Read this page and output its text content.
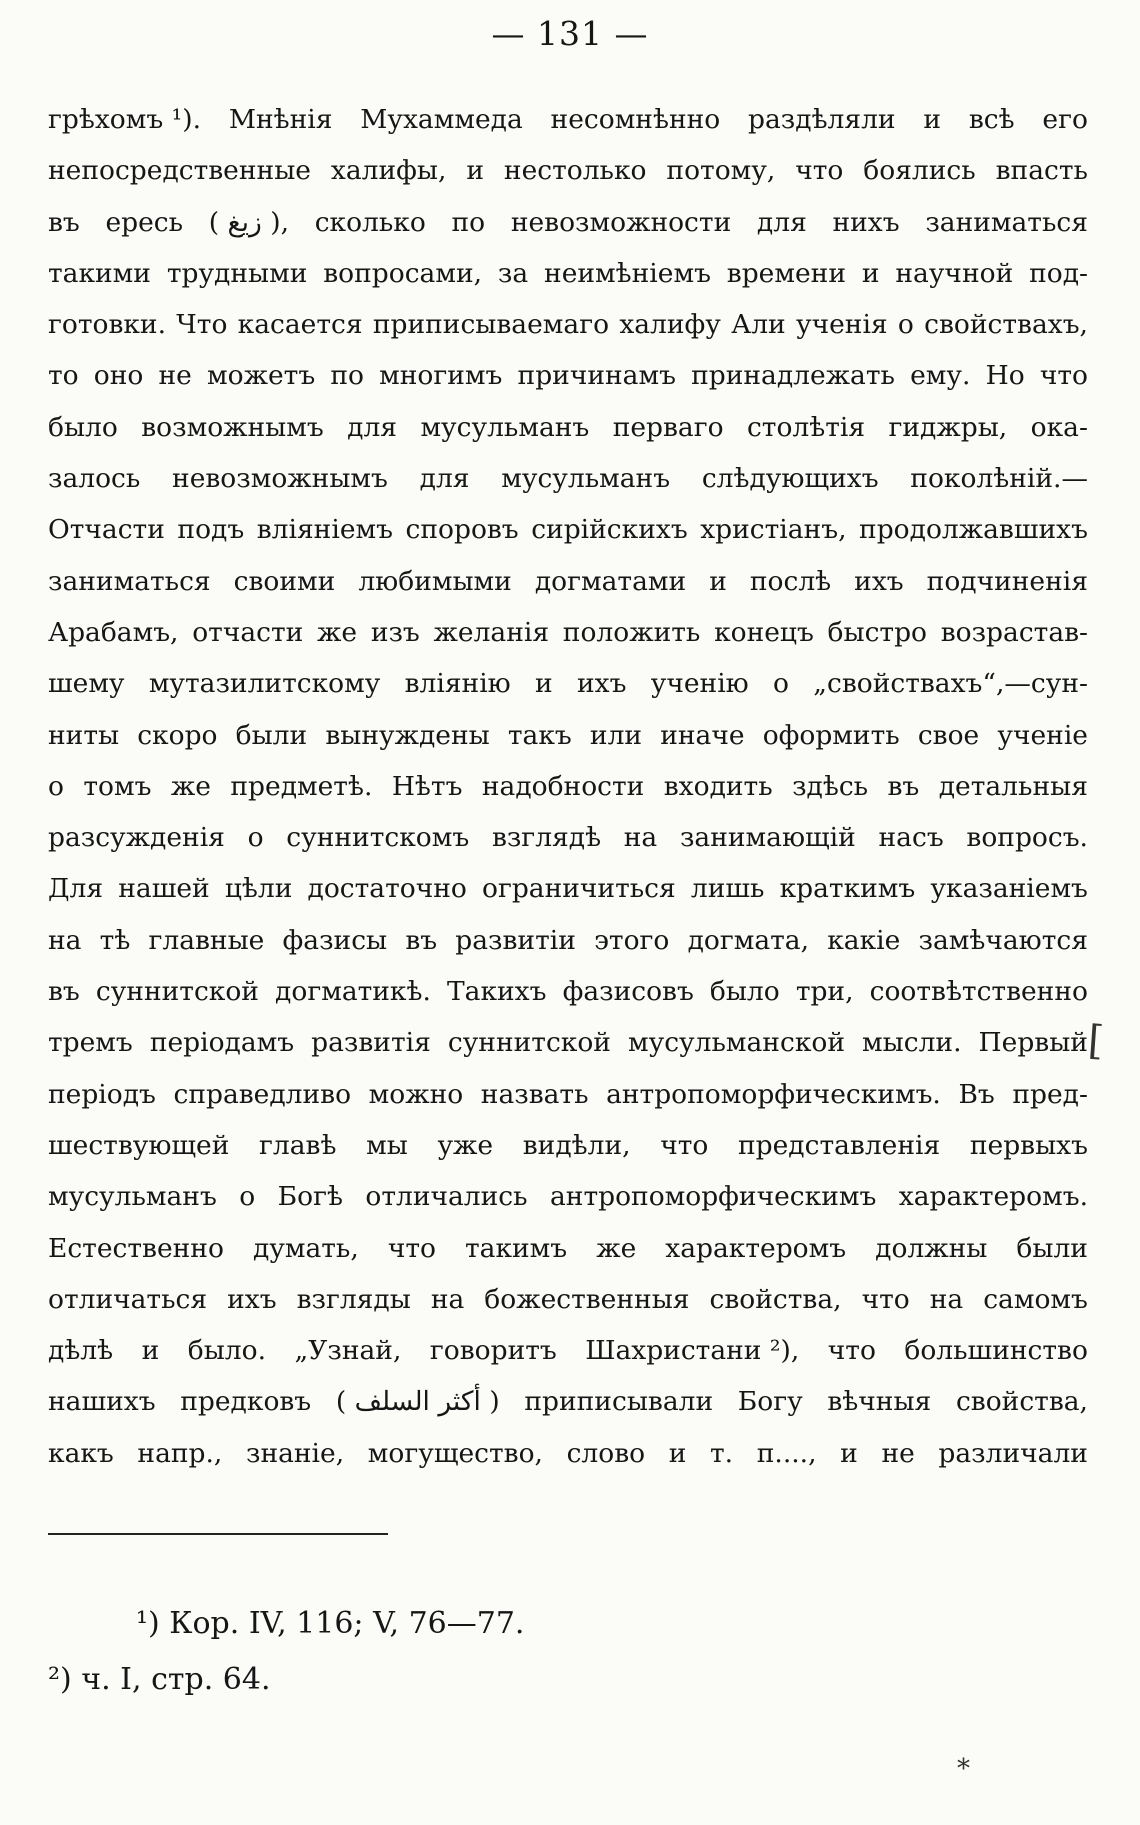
— 131 —
грѣхомъ ¹). Мнѣнія Мухаммеда несомнѣнно раздѣляли и всѣ его
непосредственные халифы, и нестолько потому, что боялись впасть
въ ересь ( زيغ ), сколько по невозможности для нихъ заниматься
такими трудными вопросами, за неимѣніемъ времени и научной под-
готовки. Что касается приписываемаго халифу Али ученія о свойствахъ,
то оно не можетъ по многимъ причинамъ принадлежать ему. Но что
было возможнымъ для мусульманъ перваго столѣтія гиджры, ока-
залось невозможнымъ для мусульманъ слѣдующихъ поколѣній.—
Отчасти подъ вліяніемъ споровъ сирійскихъ христіанъ, продолжавшихъ
заниматься своими любимыми догматами и послѣ ихъ подчиненія
Арабамъ, отчасти же изъ желанія положить конецъ быстро возрастав-
шему мутазилитскому вліянію и ихъ ученію о „свойствахъ“,—сун-
ниты скоро были вынуждены такъ или иначе оформить свое ученіе
о томъ же предметѣ. Нѣтъ надобности входить здѣсь въ детальныя
разсужденія о суннитскомъ взглядѣ на занимающій насъ вопросъ.
Для нашей цѣли достаточно ограничиться лишь краткимъ указаніемъ
на тѣ главные фазисы въ развитіи этого догмата, какіе замѣчаются
въ суннитской догматикѣ. Такихъ фазисовъ было три, соотвѣтственно
тремъ періодамъ развитія суннитской мусульманской мысли. Первый
періодъ справедливо можно назвать антропоморфическимъ. Въ пред-
шествующей главѣ мы уже видѣли, что представленія первыхъ
мусульманъ о Богѣ отличались антропоморфическимъ характеромъ.
Естественно думать, что такимъ же характеромъ должны были
отличаться ихъ взгляды на божественныя свойства, что на самомъ
дѣлѣ и было. „Узнай, говоритъ Шахристани ²), что большинство
нашихъ предковъ ( أكثر السلف ) приписывали Богу вѣчныя свойства,
какъ напр., знаніе, могущество, слово и т. п...., и не различали
¹) Кор. IV, 116; V, 76—77.
²) ч. I, стр. 64.
[
*
